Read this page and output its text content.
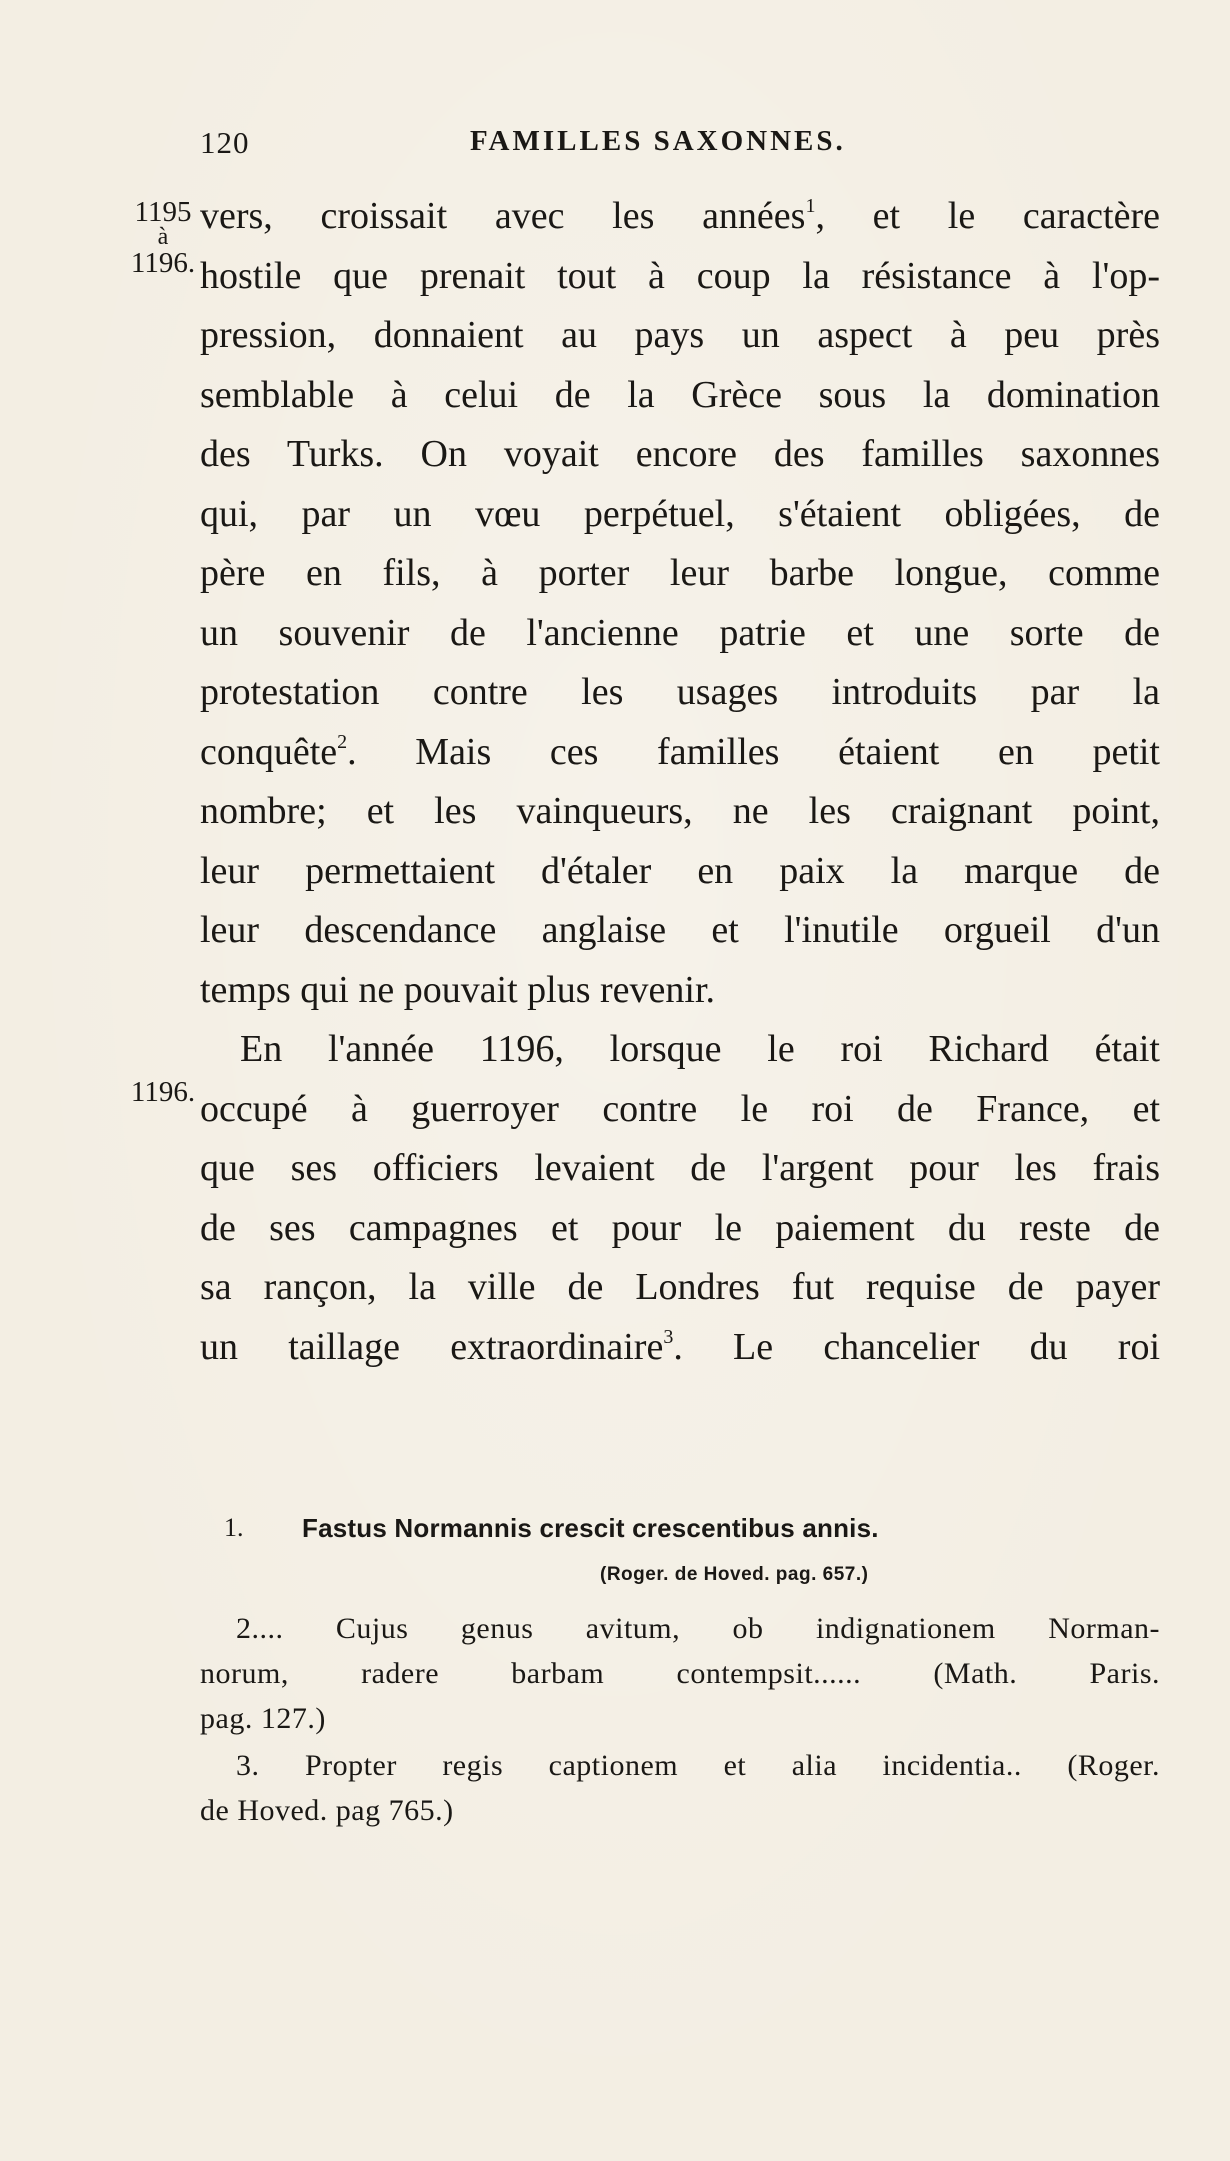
120	FAMILLES SAXONNES.
1195
à
1196.
1196.
vers, croissait avec les années$^1$, et le caractère
hostile que prenait tout à coup la résistance à l'op-
pression, donnaient au pays un aspect à peu près
semblable à celui de la Grèce sous la domination
des Turks. On voyait encore des familles saxonnes
qui, par un vœu perpétuel, s'étaient obligées, de
père en fils, à porter leur barbe longue, comme
un souvenir de l'ancienne patrie et une sorte de
protestation contre les usages introduits par la
conquête$^2$. Mais ces familles étaient en petit
nombre; et les vainqueurs, ne les craignant point,
leur permettaient d'étaler en paix la marque de
leur descendance anglaise et l'inutile orgueil d'un
temps qui ne pouvait plus revenir.
En l'année 1196, lorsque le roi Richard était
occupé à guerroyer contre le roi de France, et
que ses officiers levaient de l'argent pour les frais
de ses campagnes et pour le paiement du reste de
sa rançon, la ville de Londres fut requise de payer
un taillage extraordinaire$^3$. Le chancelier du roi
1. Fastus Normannis crescit crescentibus annis.
(Roger. de Hoved. pag. 657.)
2.... Cujus genus avitum, ob indignationem Norman-
norum, radere barbam contempsit...... (Math. Paris.
pag. 127.)
3. Propter regis captionem et alia incidentia.. (Roger.
de Hoved. pag 765.)
